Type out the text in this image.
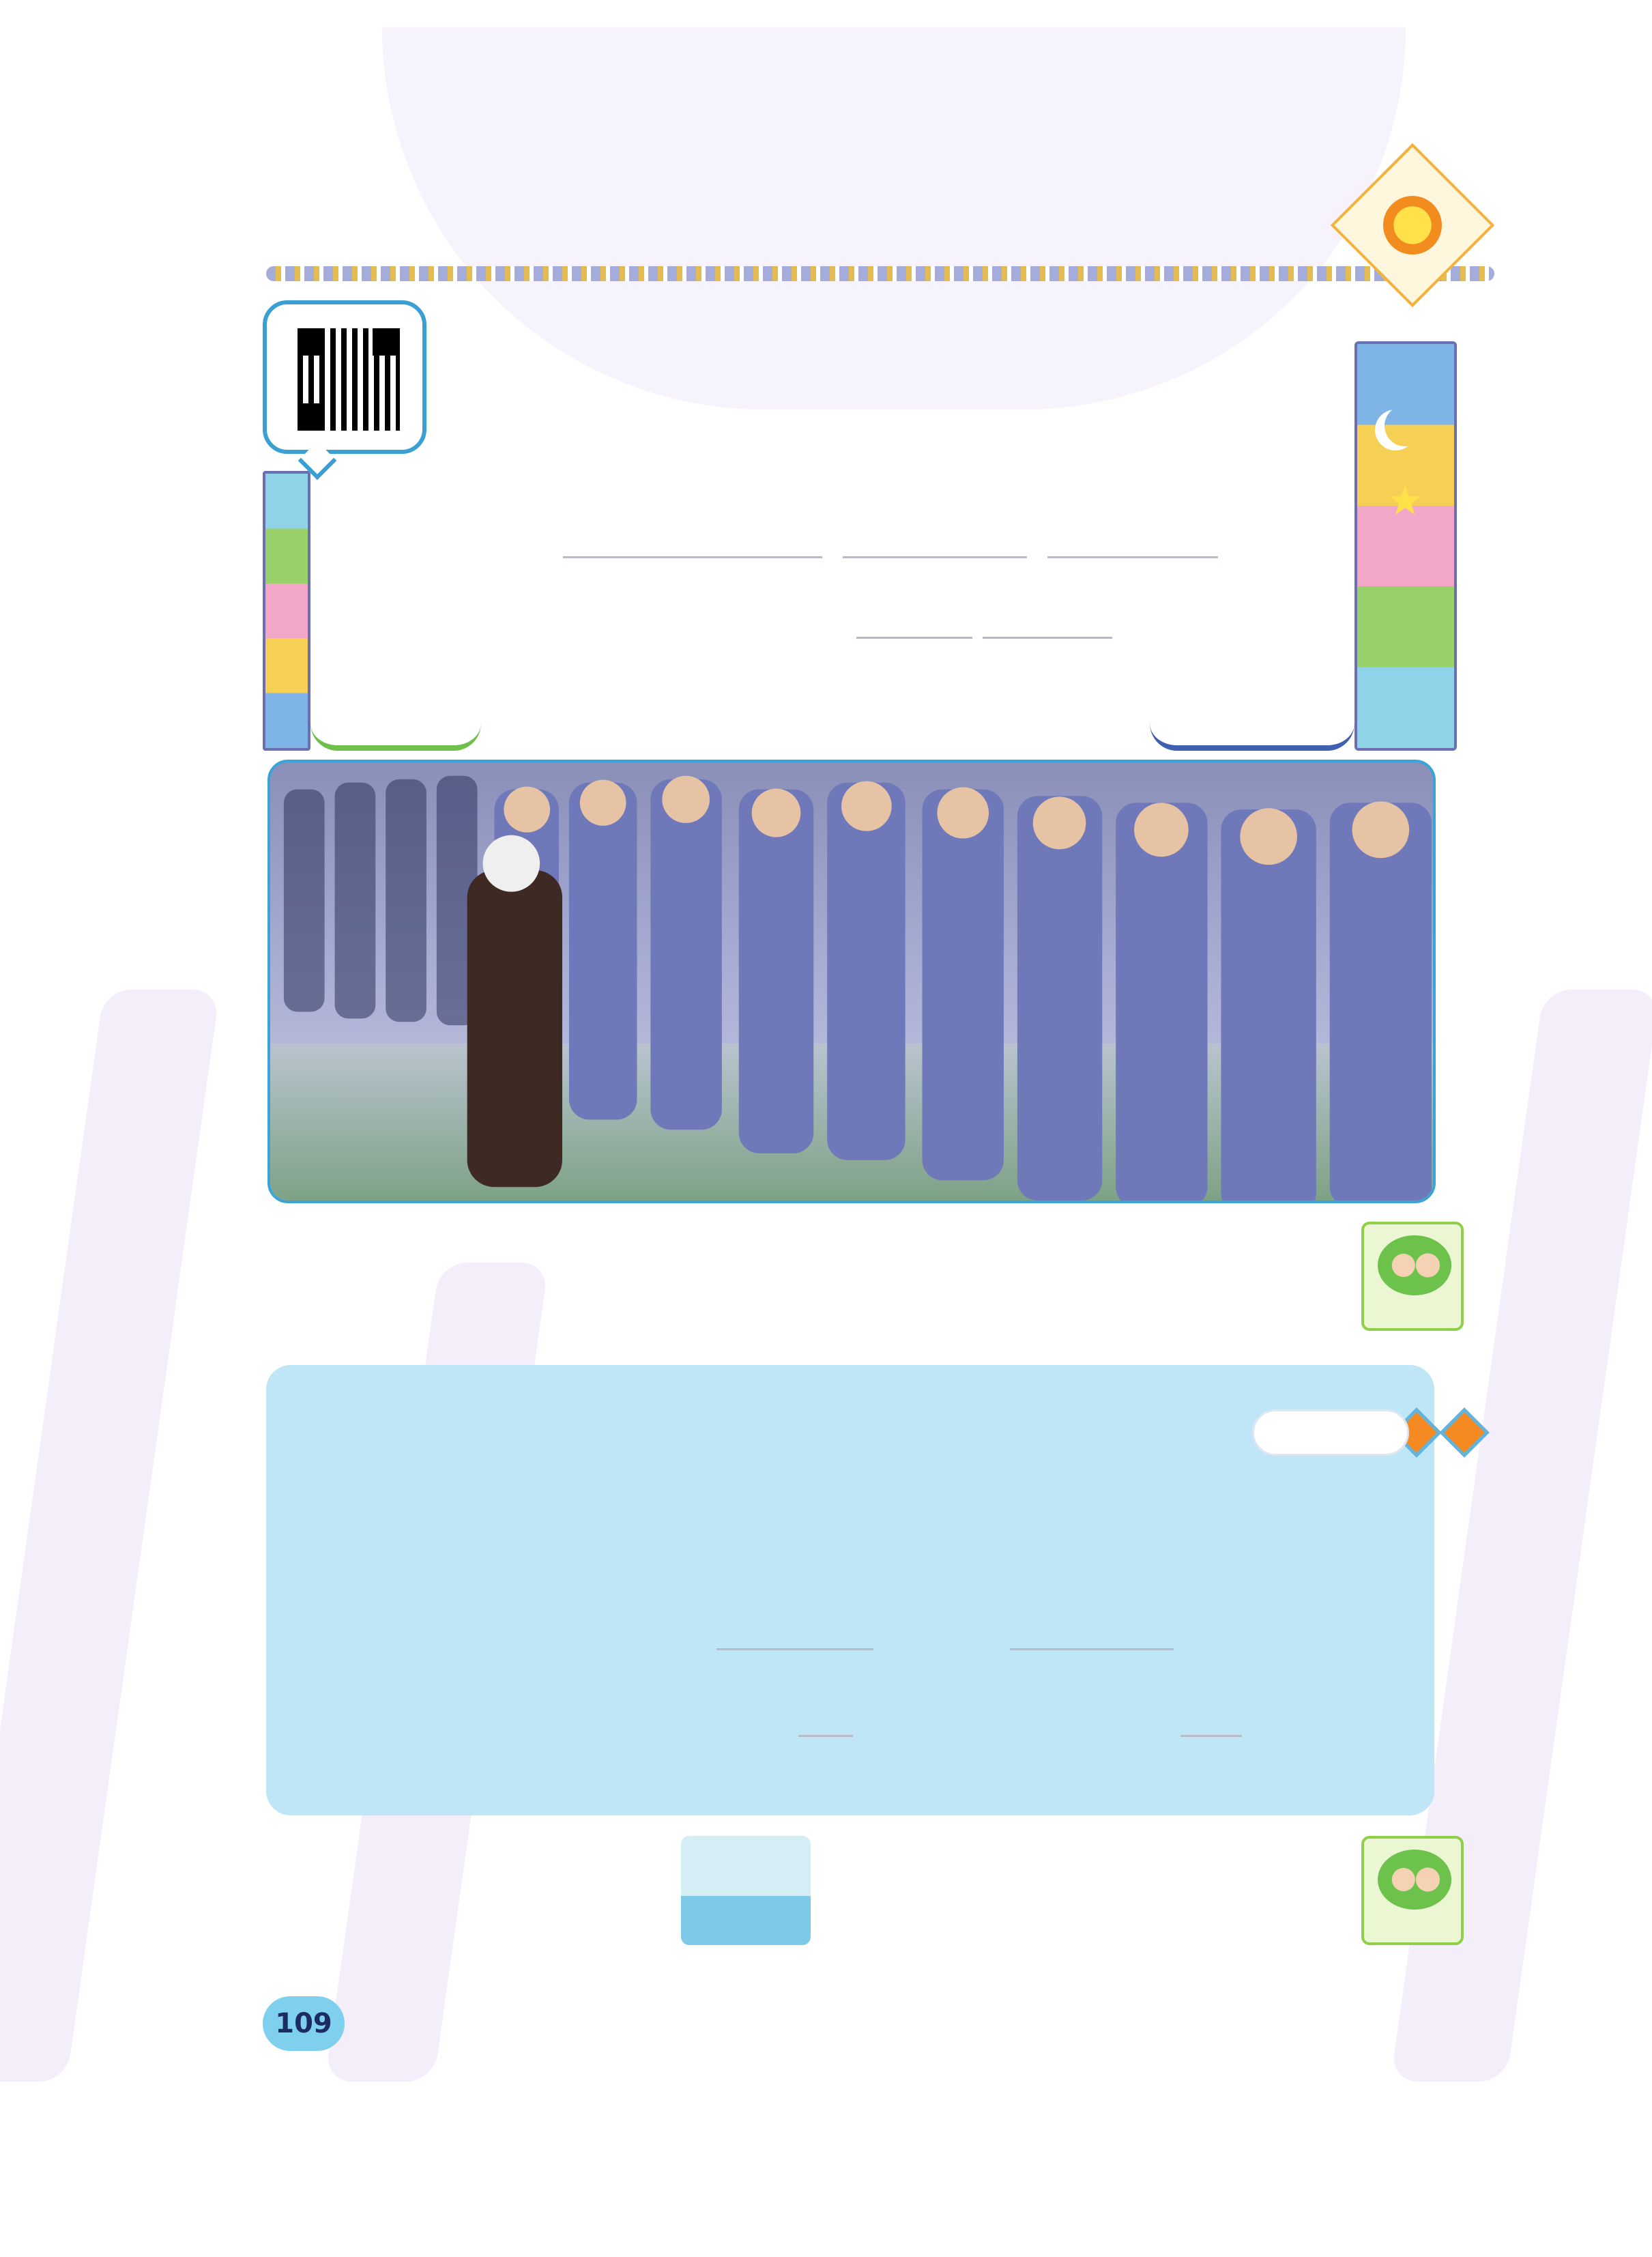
★
109
